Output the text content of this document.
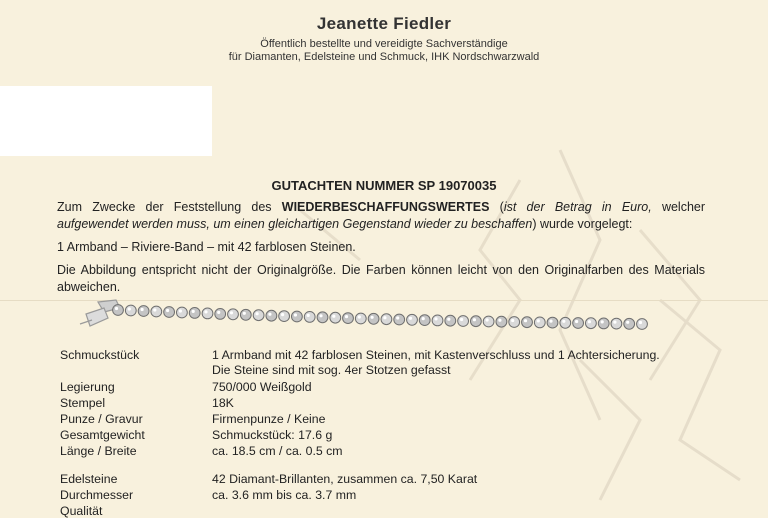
Jeanette Fiedler
Öffentlich bestellte und vereidigte Sachverständige
für Diamanten, Edelsteine und Schmuck, IHK Nordschwarzwald
GUTACHTEN NUMMER SP 19070035
Zum Zwecke der Feststellung des WIEDERBESCHAFFUNGSWERTES (ist der Betrag in Euro, welcher aufgewendet werden muss, um einen gleichartigen Gegenstand wieder zu beschaffen) wurde vorgelegt:
1 Armband – Riviere-Band – mit 42 farblosen Steinen.
Die Abbildung entspricht nicht der Originalgröße. Die Farben können leicht von den Originalfarben des Materials abweichen.
Schmuckstück	1 Armband mit 42 farblosen Steinen, mit Kastenverschluss und 1 Achtersicherung.
Die Steine sind mit sog. 4er Stotzen gefasst
Legierung	750/000 Weißgold
Stempel	18K
Punze / Gravur	Firmenpunze / Keine
Gesamtgewicht	Schmuckstück: 17.6 g
Länge / Breite	ca. 18.5 cm / ca. 0.5 cm
Edelsteine	42 Diamant-Brillanten, zusammen ca. 7,50 Karat
Durchmesser	ca. 3.6 mm bis ca. 3.7 mm
Qualität
